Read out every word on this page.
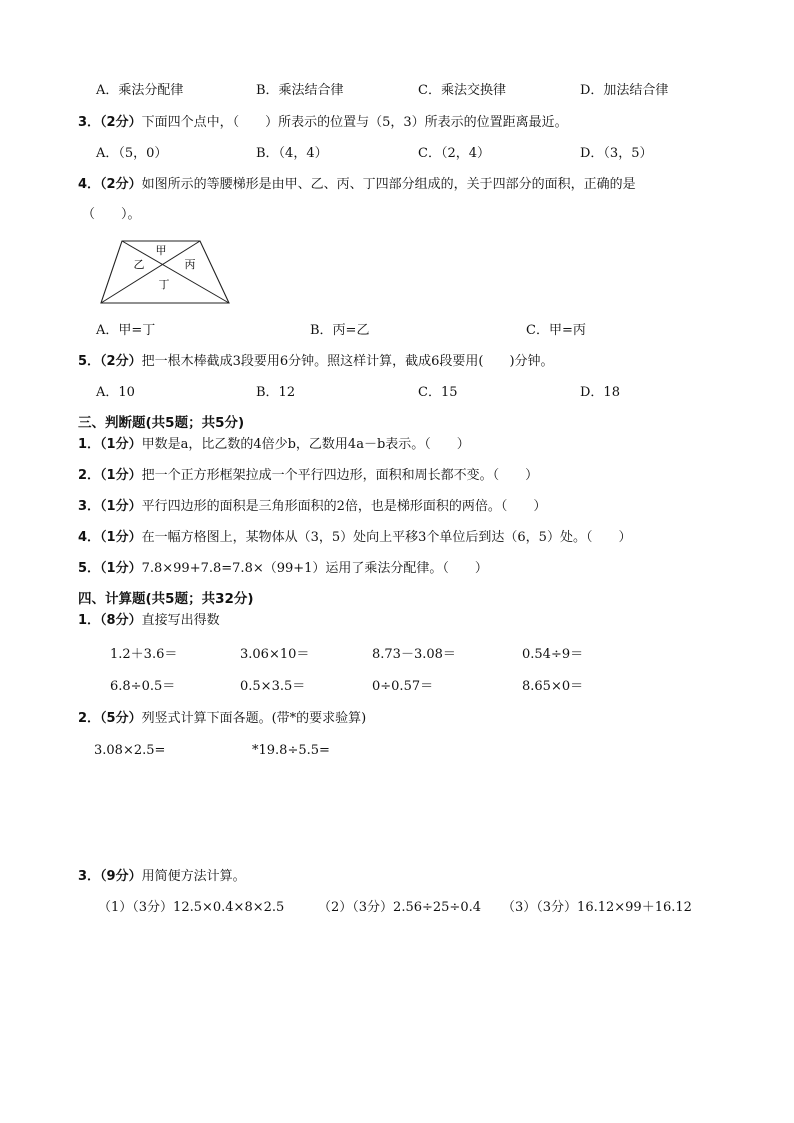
A．乘法分配律	B．乘法结合律	C．乘法交换律	D．加法结合律
3．（2分）下面四个点中，（　　）所表示的位置与（5，3）所表示的位置距离最近。
A．（5，0）	B．（4，4）	C．（2，4）	D．（3，5）
4．（2分）如图所示的等腰梯形是由甲、乙、丙、丁四部分组成的，关于四部分的面积，正确的是
（　　）。
甲
乙	丙
丁
A．甲=丁	B．丙=乙	C．甲=丙
5．（2分）把一根木棒截成3段要用6分钟。照这样计算，截成6段要用(　　)分钟。
A．10	B．12	C．15	D．18
三、判断题(共5题；共5分)
1．（1分）甲数是a，比乙数的4倍少b，乙数用4a－b表示。（　　）
2．（1分）把一个正方形框架拉成一个平行四边形，面积和周长都不变。（　　）
3．（1分）平行四边形的面积是三角形面积的2倍，也是梯形面积的两倍。（　　）
4．（1分）在一幅方格图上，某物体从（3，5）处向上平移3个单位后到达（6，5）处。（　　）
5．（1分）7.8×99+7.8=7.8×（99+1）运用了乘法分配律。（　　）
四、计算题(共5题；共32分)
1．（8分）直接写出得数
1.2＋3.6＝	3.06×10＝	8.73－3.08＝	0.54÷9＝
6.8÷0.5＝	0.5×3.5＝	0÷0.57＝	8.65×0＝
2．（5分）列竖式计算下面各题。(带*的要求验算)
3.08×2.5=	*19.8÷5.5=
3．（9分）用简便方法计算。
（1）（3分）12.5×0.4×8×2.5	（2）（3分）2.56÷25÷0.4 （3）（3分）16.12×99＋16.12
